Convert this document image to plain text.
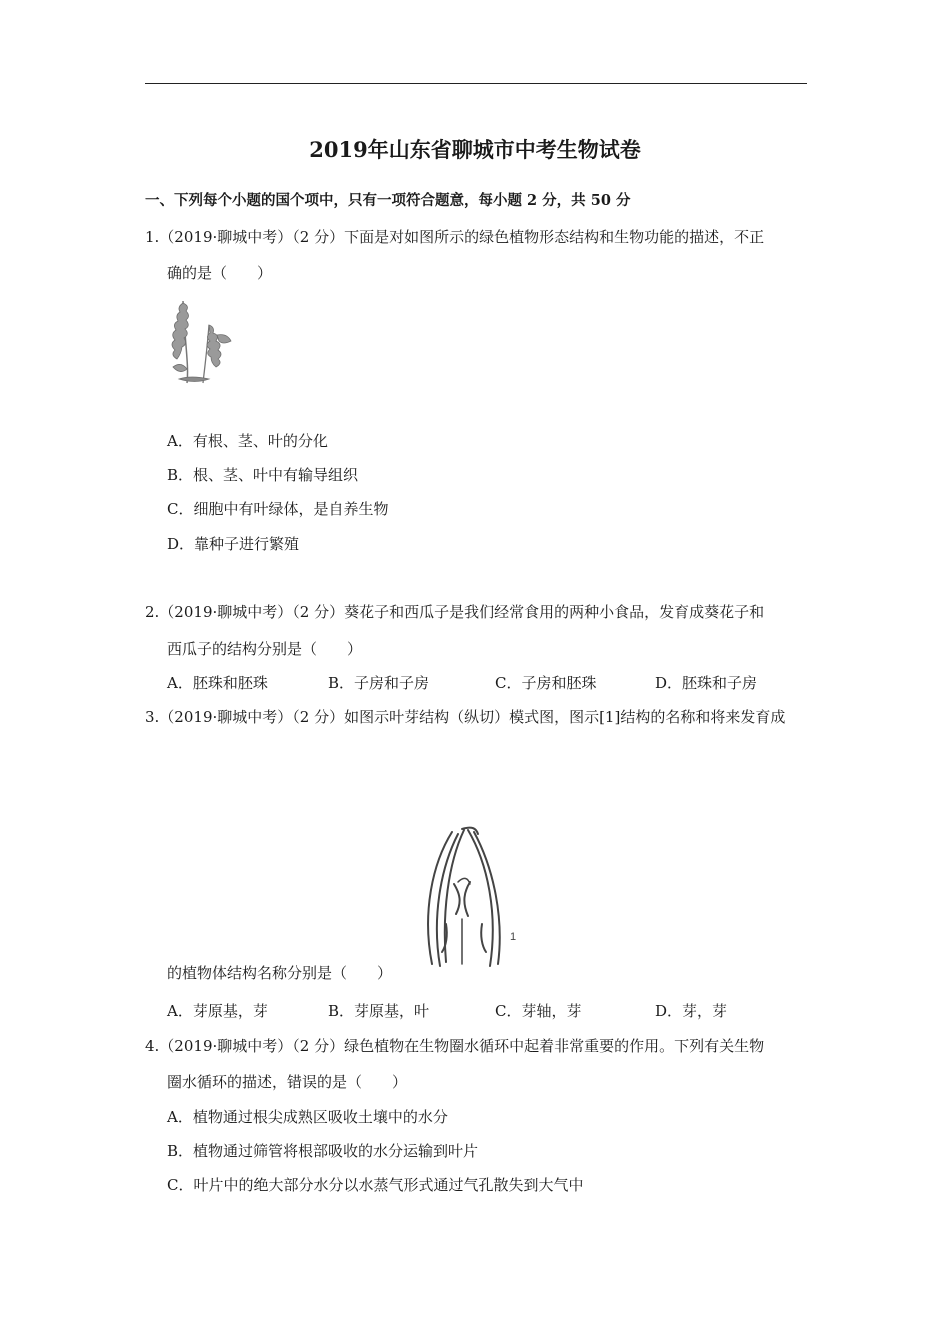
2019年山东省聊城市中考生物试卷
一、下列每个小题的国个项中，只有一项符合题意，每小题 2 分，共 50 分
1.（2019·聊城中考）（2 分）下面是对如图所示的绿色植物形态结构和生物功能的描述，不正
确的是（　　）
A．有根、茎、叶的分化
B．根、茎、叶中有输导组织
C．细胞中有叶绿体，是自养生物
D．靠种子进行繁殖
2.（2019·聊城中考）（2 分）葵花子和西瓜子是我们经常食用的两种小食品，发育成葵花子和
西瓜子的结构分别是（　　）
A．胚珠和胚珠	B．子房和子房	C．子房和胚珠	D．胚珠和子房
3.（2019·聊城中考）（2 分）如图示叶芽结构（纵切）模式图，图示[1]结构的名称和将来发育成
1
的植物体结构名称分别是（　　）
A．芽原基，芽	B．芽原基，叶	C．芽轴，芽	D．芽，芽
4.（2019·聊城中考）（2 分）绿色植物在生物圈水循环中起着非常重要的作用。下列有关生物
圈水循环的描述，错误的是（　　）
A．植物通过根尖成熟区吸收土壤中的水分
B．植物通过筛管将根部吸收的水分运输到叶片
C．叶片中的绝大部分水分以水蒸气形式通过气孔散失到大气中
